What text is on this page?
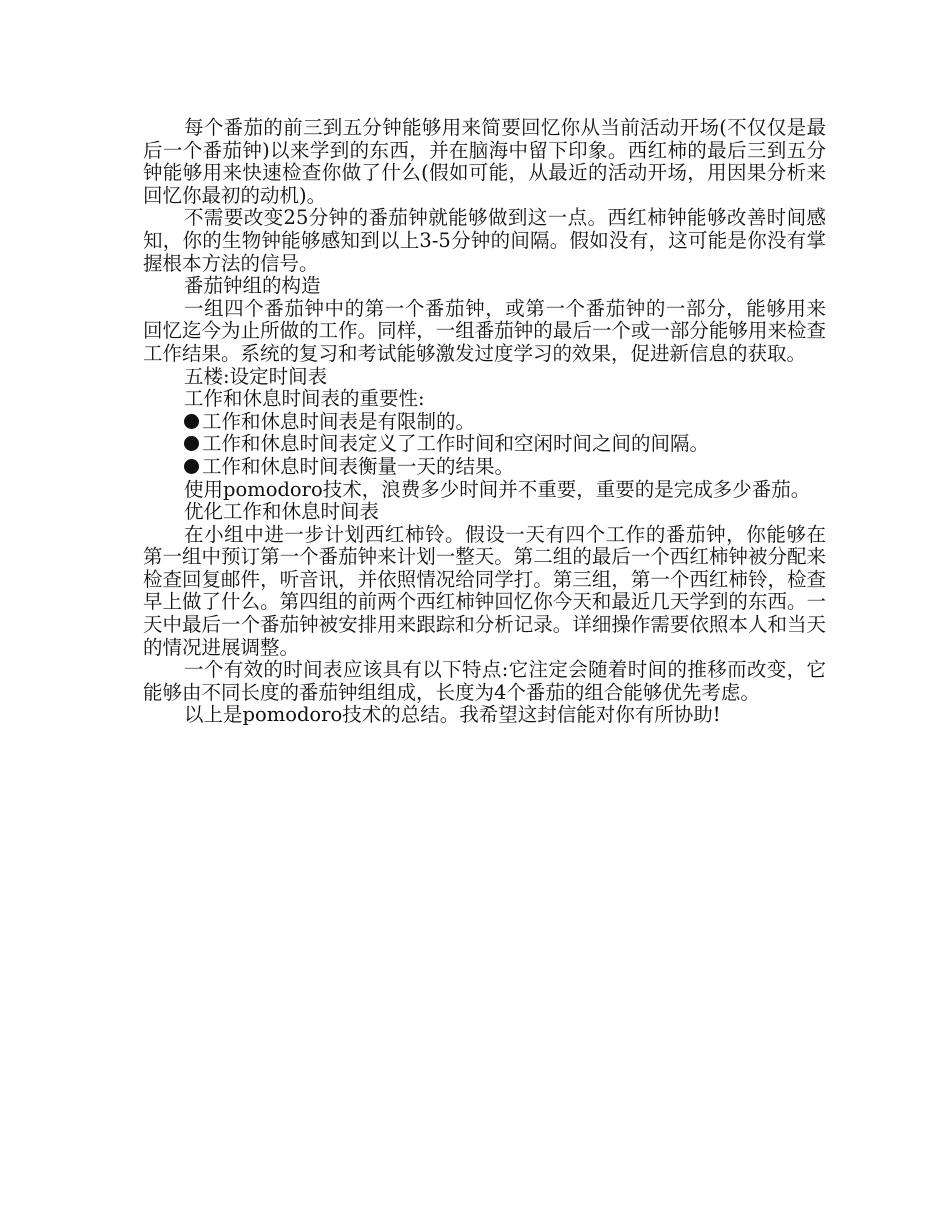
每个番茄的前三到五分钟能够用来简要回忆你从当前活动开场(不仅仅是最后一个番茄钟)以来学到的东西，并在脑海中留下印象。西红柿的最后三到五分钟能够用来快速检查你做了什么(假如可能，从最近的活动开场，用因果分析来回忆你最初的动机)。

不需要改变25分钟的番茄钟就能够做到这一点。西红柿钟能够改善时间感知，你的生物钟能够感知到以上3-5分钟的间隔。假如没有，这可能是你没有掌握根本方法的信号。

番茄钟组的构造

一组四个番茄钟中的第一个番茄钟，或第一个番茄钟的一部分，能够用来回忆迄今为止所做的工作。同样，一组番茄钟的最后一个或一部分能够用来检查工作结果。系统的复习和考试能够激发过度学习的效果，促进新信息的获取。

五楼:设定时间表

工作和休息时间表的重要性:

工作和休息时间表是有限制的。

工作和休息时间表定义了工作时间和空闲时间之间的间隔。

工作和休息时间表衡量一天的结果。

使用pomodoro技术，浪费多少时间并不重要，重要的是完成多少番茄。

优化工作和休息时间表

在小组中进一步计划西红柿铃。假设一天有四个工作的番茄钟，你能够在第一组中预订第一个番茄钟来计划一整天。第二组的最后一个西红柿钟被分配来检查回复邮件，听音讯，并依照情况给同学打。第三组，第一个西红柿铃，检查早上做了什么。第四组的前两个西红柿钟回忆你今天和最近几天学到的东西。一天中最后一个番茄钟被安排用来跟踪和分析记录。详细操作需要依照本人和当天的情况进展调整。

一个有效的时间表应该具有以下特点:它注定会随着时间的推移而改变，它能够由不同长度的番茄钟组组成，长度为4个番茄的组合能够优先考虑。

以上是pomodoro技术的总结。我希望这封信能对你有所协助!
